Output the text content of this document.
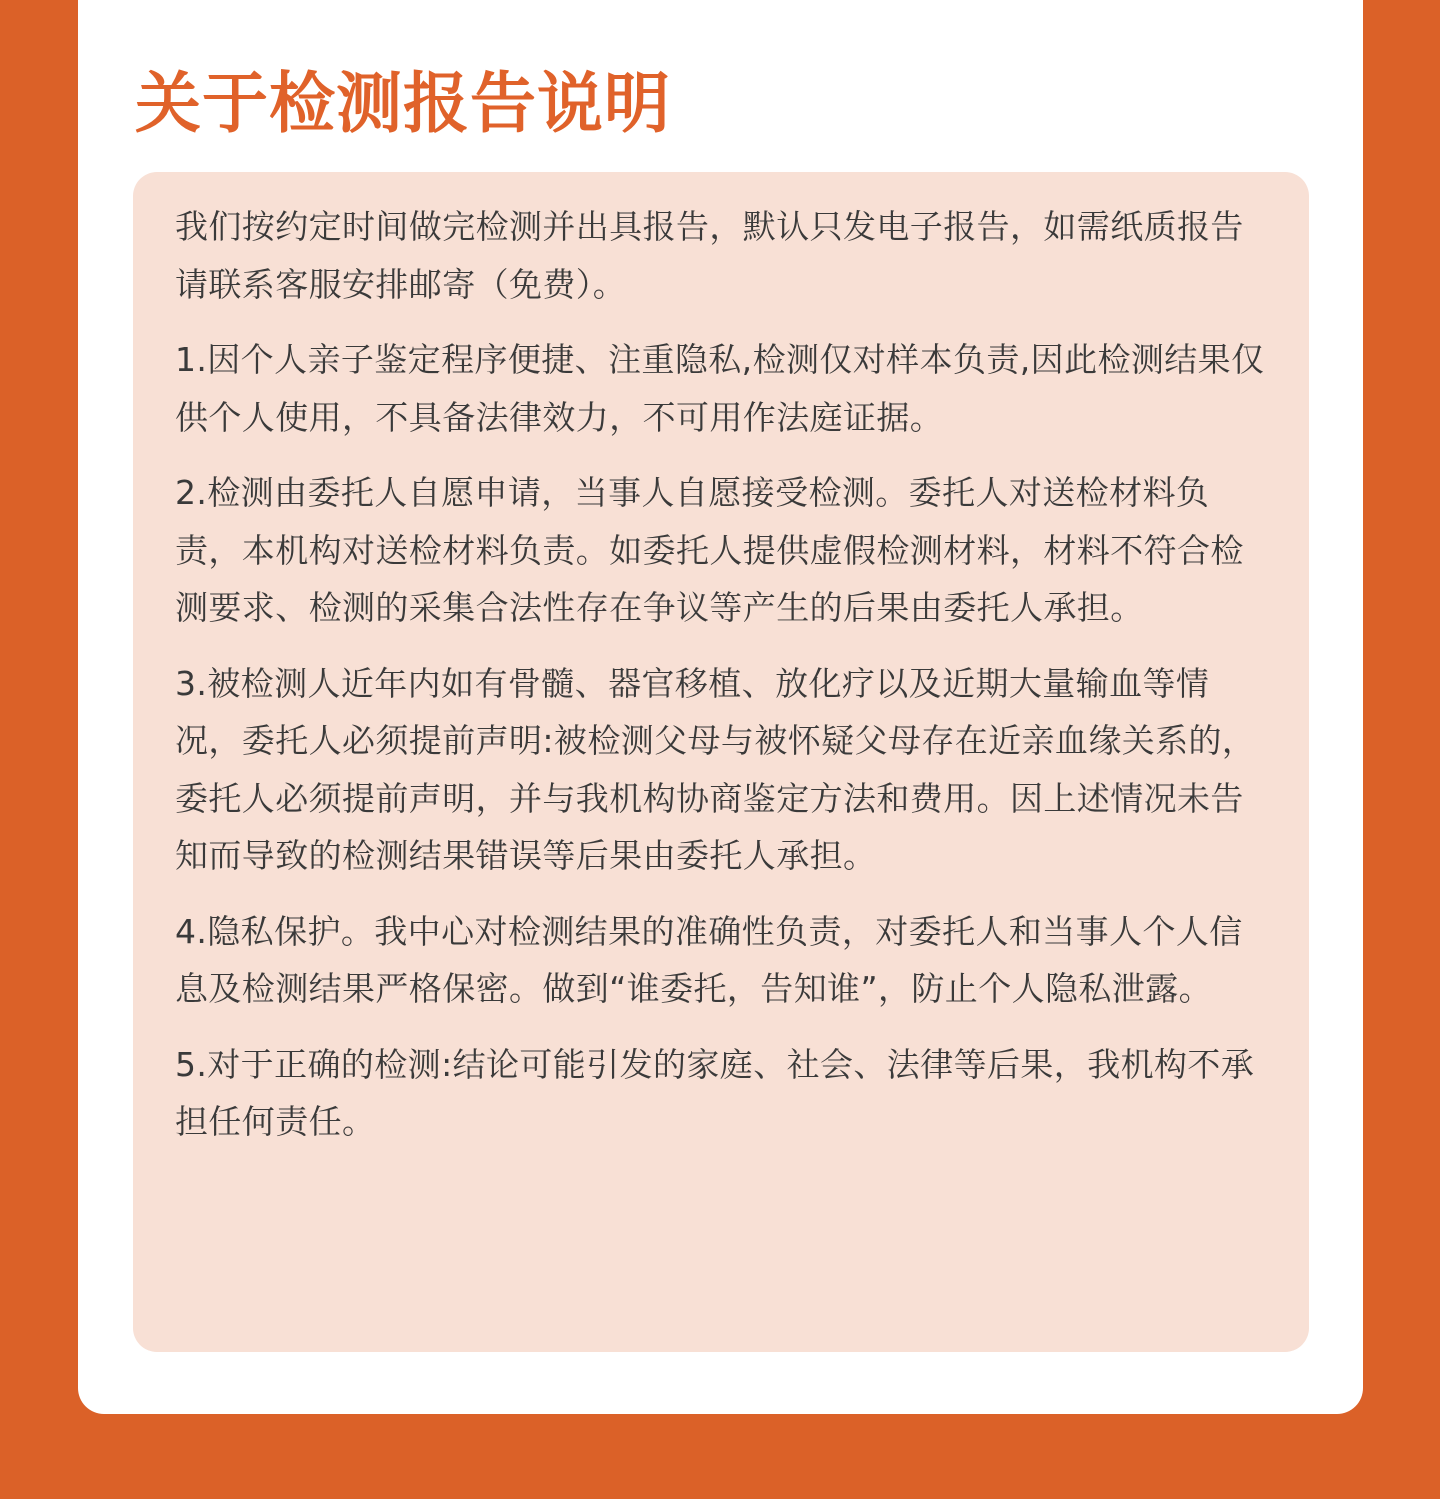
关于检测报告说明

我们按约定时间做完检测并出具报告，默认只发电子报告，如需纸质报告请联系客服安排邮寄（免费）。

1.因个人亲子鉴定程序便捷、注重隐私,检测仅对样本负责,因此检测结果仅供个人使用，不具备法律效力，不可用作法庭证据。

2.检测由委托人自愿申请，当事人自愿接受检测。委托人对送检材料负责，本机构对送检材料负责。如委托人提供虚假检测材料，材料不符合检测要求、检测的采集合法性存在争议等产生的后果由委托人承担。

3.被检测人近年内如有骨髓、器官移植、放化疗以及近期大量输血等情况，委托人必须提前声明:被检测父母与被怀疑父母存在近亲血缘关系的，委托人必须提前声明，并与我机构协商鉴定方法和费用。因上述情况未告知而导致的检测结果错误等后果由委托人承担。

4.隐私保护。我中心对检测结果的准确性负责，对委托人和当事人个人信息及检测结果严格保密。做到“谁委托，告知谁”，防止个人隐私泄露。

5.对于正确的检测:结论可能引发的家庭、社会、法律等后果，我机构不承担任何责任。
